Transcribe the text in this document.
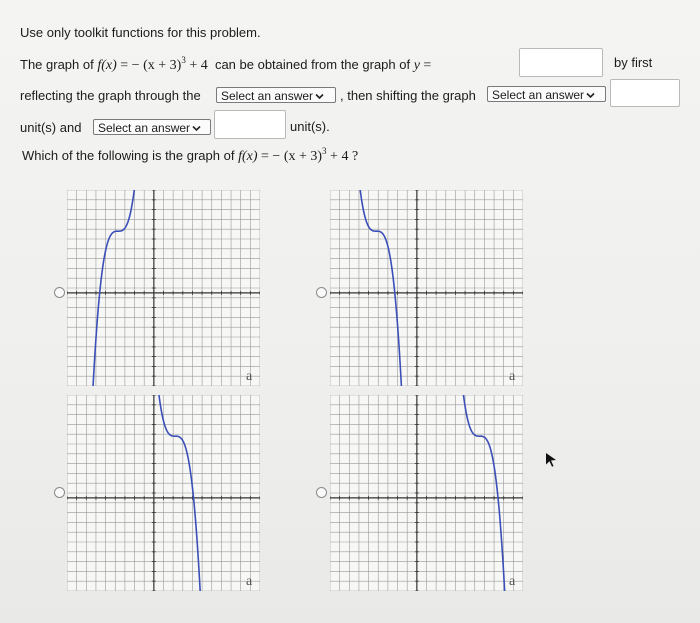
Use only toolkit functions for this problem.
The graph of f(x) = − $(x + 3)^3 + 4$ can be obtained from the graph of y =	by first
reflecting the graph through the	Select an answer	, then shifting the graph	Select an answer
unit(s) and	Select an answer	unit(s).
Which of the following is the graph of f(x) = − $(x + 3)^3 + 4$ ?
a	a
a	a
